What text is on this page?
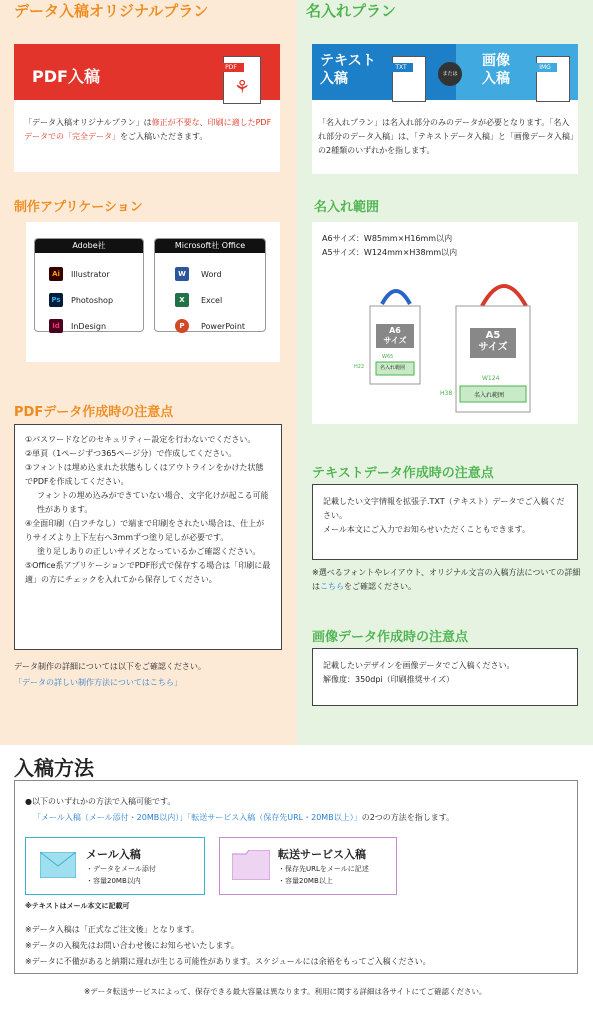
データ入稿オリジナルプラン
PDF入稿	PDF
⚘
「データ入稿オリジナルプラン」は修正が不要な、印刷に適したPDFデータでの「完全データ」をご入稿いただきます。
制作アプリケーション
Adobe社
Ai	Illustrator
Ps	Photoshop
Id	InDesign
Microsoft社 Office
W	Word
X	Excel
P	PowerPoint
PDFデータ作成時の注意点
①パスワードなどのセキュリティー設定を行わないでください。
②単頁（1ページずつ365ページ分）で作成してください。
③フォントは埋め込まれた状態もしくはアウトラインをかけた状態でPDFを作成してください。
フォントの埋め込みができていない場合、文字化けが起こる可能性があります。
④全面印刷（白フチなし）で端まで印刷をされたい場合は、仕上がりサイズより上下左右へ3mmずつ塗り足しが必要です。
塗り足しありの正しいサイズとなっているかご確認ください。
⑤Office系アプリケーションでPDF形式で保存する場合は「印刷に最適」の方にチェックを入れてから保存してください。
データ制作の詳細については以下をご確認ください。
「データの詳しい制作方法についてはこちら」
名入れプラン
テキスト
入稿
TXT
または
画像
入稿
IMG
「名入れプラン」は名入れ部分のみのデータが必要となります。「名入れ部分のデータ入稿」は、「テキストデータ入稿」と「画像データ入稿」の2種類のいずれかを指します。
名入れ範囲
A6サイズ：W85mm×H16mm以内
A5サイズ：W124mm×H38mm以内
A6
サイズ	A5
サイズ
W65
H22	名入れ範囲
W124
H38	名入れ範囲
テキストデータ作成時の注意点
記載したい文字情報を拡張子.TXT（テキスト）データでご入稿ください。
メール本文にご入力でお知らせいただくこともできます。
※選べるフォントやレイアウト、オリジナル文言の入稿方法についての詳細はこちらをご確認ください。
画像データ作成時の注意点
記載したいデザインを画像データでご入稿ください。
解像度：350dpi（印刷推奨サイズ）
入稿方法
●以下のいずれかの方法で入稿可能です。
「メール入稿（メール添付・20MB以内）」「転送サービス入稿（保存先URL・20MB以上）」の2つの方法を指します。
メール入稿
・データをメール添付
・容量20MB以内
転送サービス入稿
・保存先URLをメールに記述
・容量20MB以上
※テキストはメール本文に記載可
※データ入稿は「正式なご注文後」となります。
※データの入稿先はお問い合わせ後にお知らせいたします。
※データに不備があると納期に遅れが生じる可能性があります。スケジュールには余裕をもってご入稿ください。
※データ転送サービスによって、保存できる最大容量は異なります。利用に関する詳細は各サイトにてご確認ください。
